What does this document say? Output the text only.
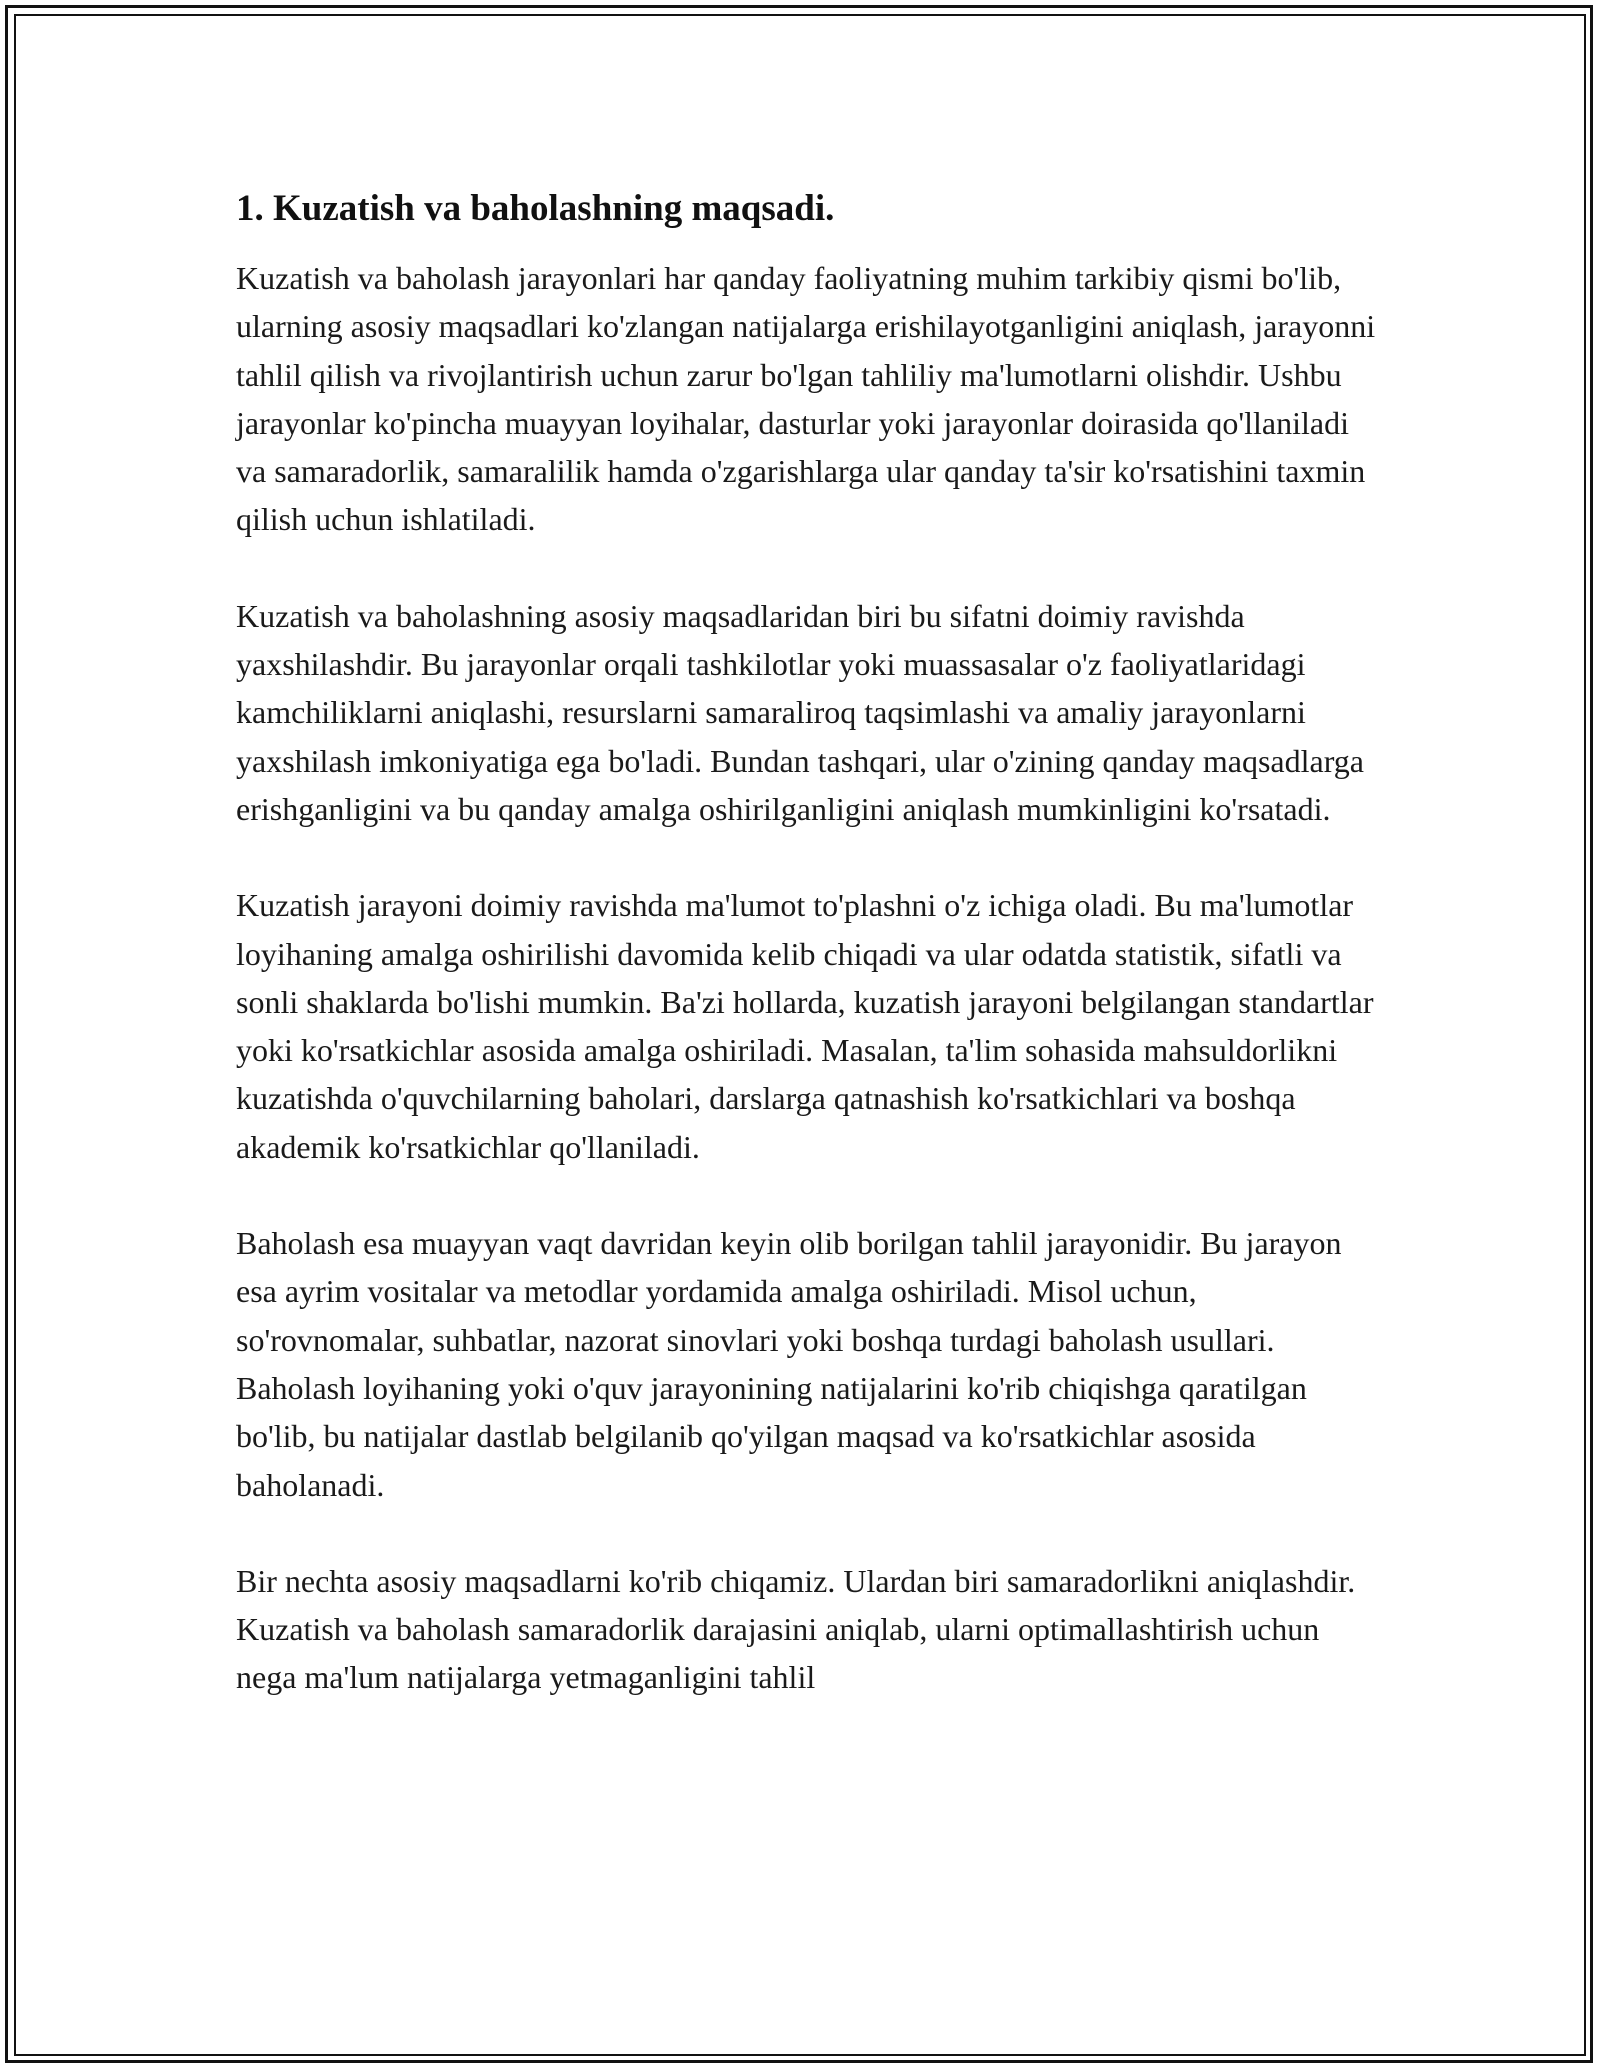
1. Kuzatish va baholashning maqsadi.

Kuzatish va baholash jarayonlari har qanday faoliyatning muhim tarkibiy qismi bo'lib, ularning asosiy maqsadlari ko'zlangan natijalarga erishilayotganligini aniqlash, jarayonni tahlil qilish va rivojlantirish uchun zarur bo'lgan tahliliy ma'lumotlarni olishdir. Ushbu jarayonlar ko'pincha muayyan loyihalar, dasturlar yoki jarayonlar doirasida qo'llaniladi va samaradorlik, samaralilik hamda o'zgarishlarga ular qanday ta'sir ko'rsatishini taxmin qilish uchun ishlatiladi.

Kuzatish va baholashning asosiy maqsadlaridan biri bu sifatni doimiy ravishda yaxshilashdir. Bu jarayonlar orqali tashkilotlar yoki muassasalar o'z faoliyatlaridagi kamchiliklarni aniqlashi, resurslarni samaraliroq taqsimlashi va amaliy jarayonlarni yaxshilash imkoniyatiga ega bo'ladi. Bundan tashqari, ular o'zining qanday maqsadlarga erishganligini va bu qanday amalga oshirilganligini aniqlash mumkinligini ko'rsatadi.

Kuzatish jarayoni doimiy ravishda ma'lumot to'plashni o'z ichiga oladi. Bu ma'lumotlar loyihaning amalga oshirilishi davomida kelib chiqadi va ular odatda statistik, sifatli va sonli shaklarda bo'lishi mumkin. Ba'zi hollarda, kuzatish jarayoni belgilangan standartlar yoki ko'rsatkichlar asosida amalga oshiriladi. Masalan, ta'lim sohasida mahsuldorlikni kuzatishda o'quvchilarning baholari, darslarga qatnashish ko'rsatkichlari va boshqa akademik ko'rsatkichlar qo'llaniladi.

Baholash esa muayyan vaqt davridan keyin olib borilgan tahlil jarayonidir. Bu jarayon esa ayrim vositalar va metodlar yordamida amalga oshiriladi. Misol uchun, so'rovnomalar, suhbatlar, nazorat sinovlari yoki boshqa turdagi baholash usullari. Baholash loyihaning yoki o'quv jarayonining natijalarini ko'rib chiqishga qaratilgan bo'lib, bu natijalar dastlab belgilanib qo'yilgan maqsad va ko'rsatkichlar asosida baholanadi.

Bir nechta asosiy maqsadlarni ko'rib chiqamiz. Ulardan biri samaradorlikni aniqlashdir. Kuzatish va baholash samaradorlik darajasini aniqlab, ularni optimallashtirish uchun nega ma'lum natijalarga yetmaganligini tahlil
